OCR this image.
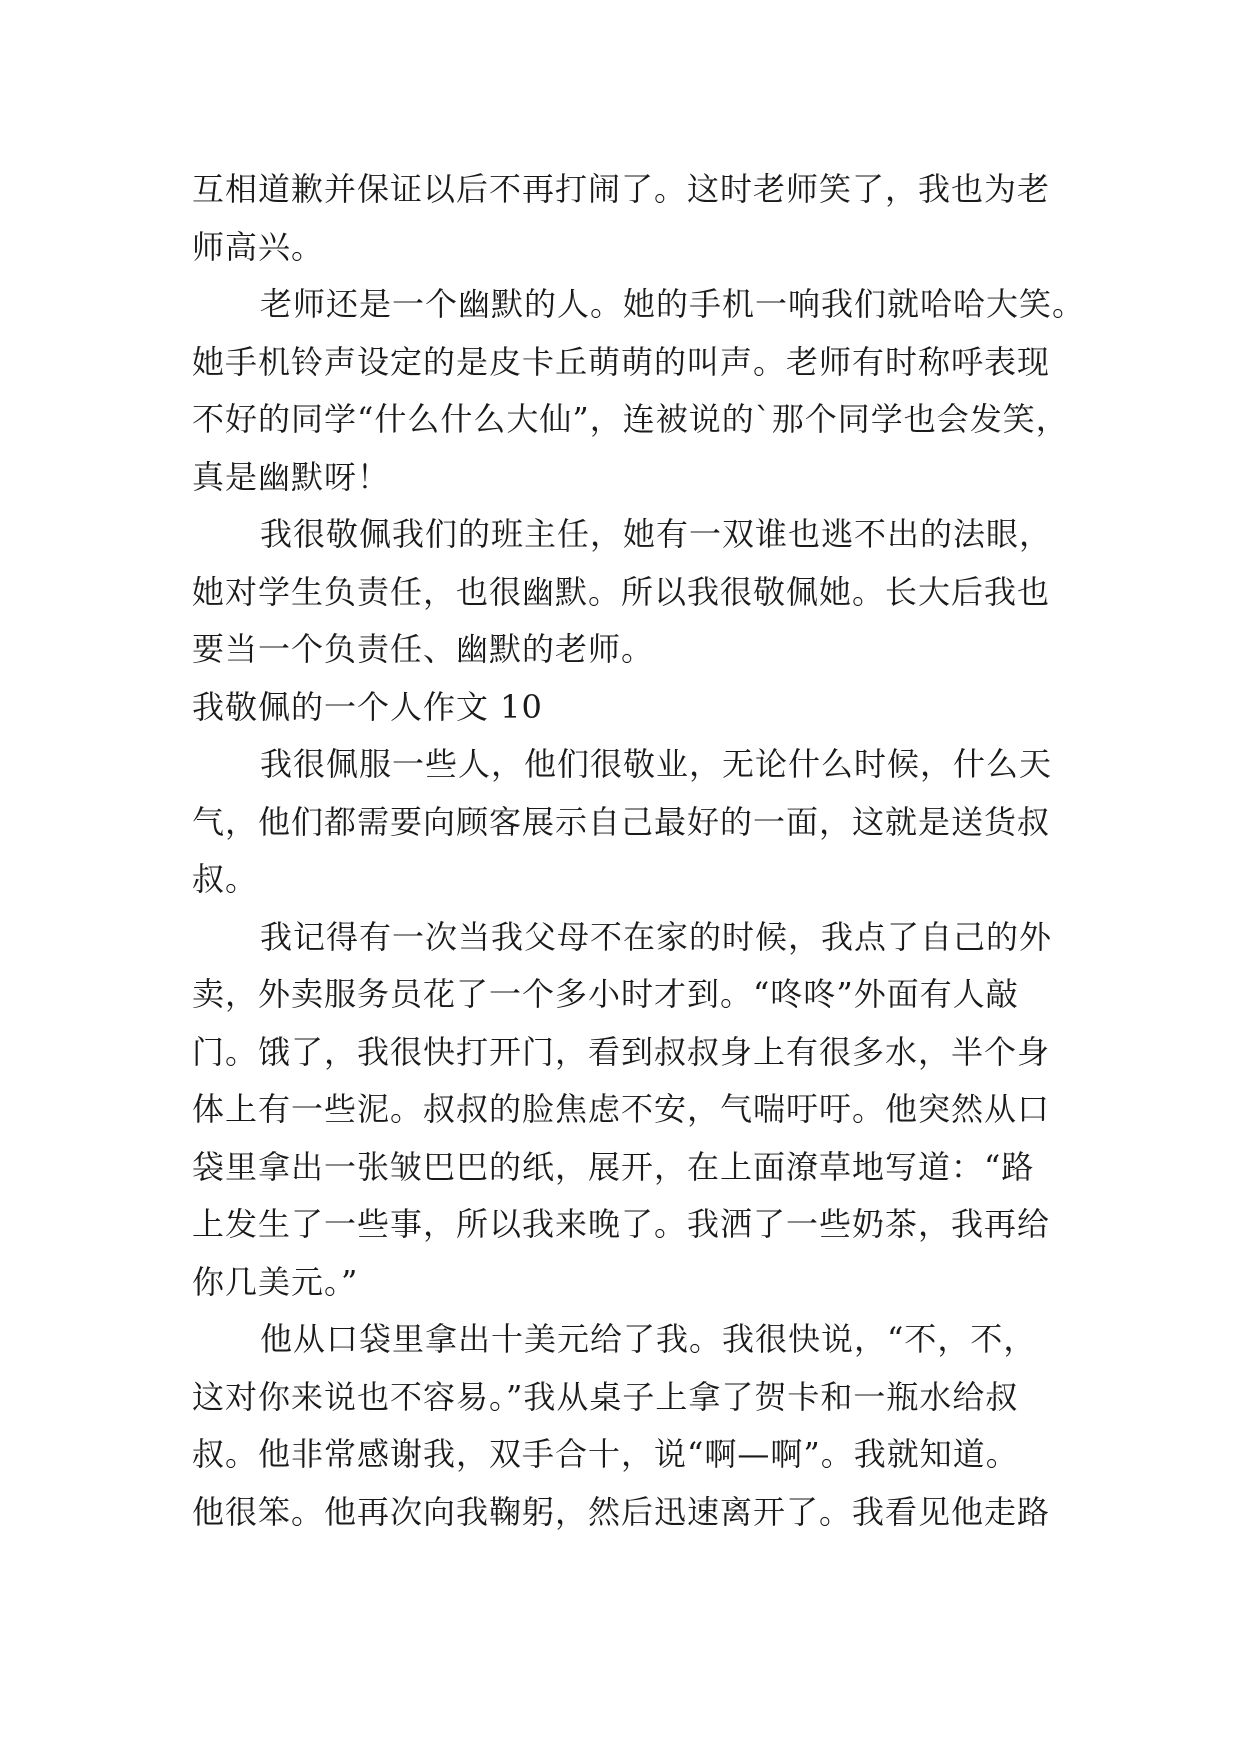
互相道歉并保证以后不再打闹了。这时老师笑了，我也为老
师高兴。
老师还是一个幽默的人。她的手机一响我们就哈哈大笑。
她手机铃声设定的是皮卡丘萌萌的叫声。老师有时称呼表现
不好的同学“什么什么大仙”，连被说的`那个同学也会发笑，
真是幽默呀！
我很敬佩我们的班主任，她有一双谁也逃不出的法眼，
她对学生负责任，也很幽默。所以我很敬佩她。长大后我也
要当一个负责任、幽默的老师。
我敬佩的一个人作文 10
我很佩服一些人，他们很敬业，无论什么时候，什么天
气，他们都需要向顾客展示自己最好的一面，这就是送货叔
叔。
我记得有一次当我父母不在家的时候，我点了自己的外
卖，外卖服务员花了一个多小时才到。“咚咚”外面有人敲
门。饿了，我很快打开门，看到叔叔身上有很多水，半个身
体上有一些泥。叔叔的脸焦虑不安，气喘吁吁。他突然从口
袋里拿出一张皱巴巴的纸，展开，在上面潦草地写道：“路
上发生了一些事，所以我来晚了。我洒了一些奶茶，我再给
你几美元。”
他从口袋里拿出十美元给了我。我很快说，“不，不，
这对你来说也不容易。”我从桌子上拿了贺卡和一瓶水给叔
叔。他非常感谢我，双手合十，说“啊—啊”。我就知道。
他很笨。他再次向我鞠躬，然后迅速离开了。我看见他走路
